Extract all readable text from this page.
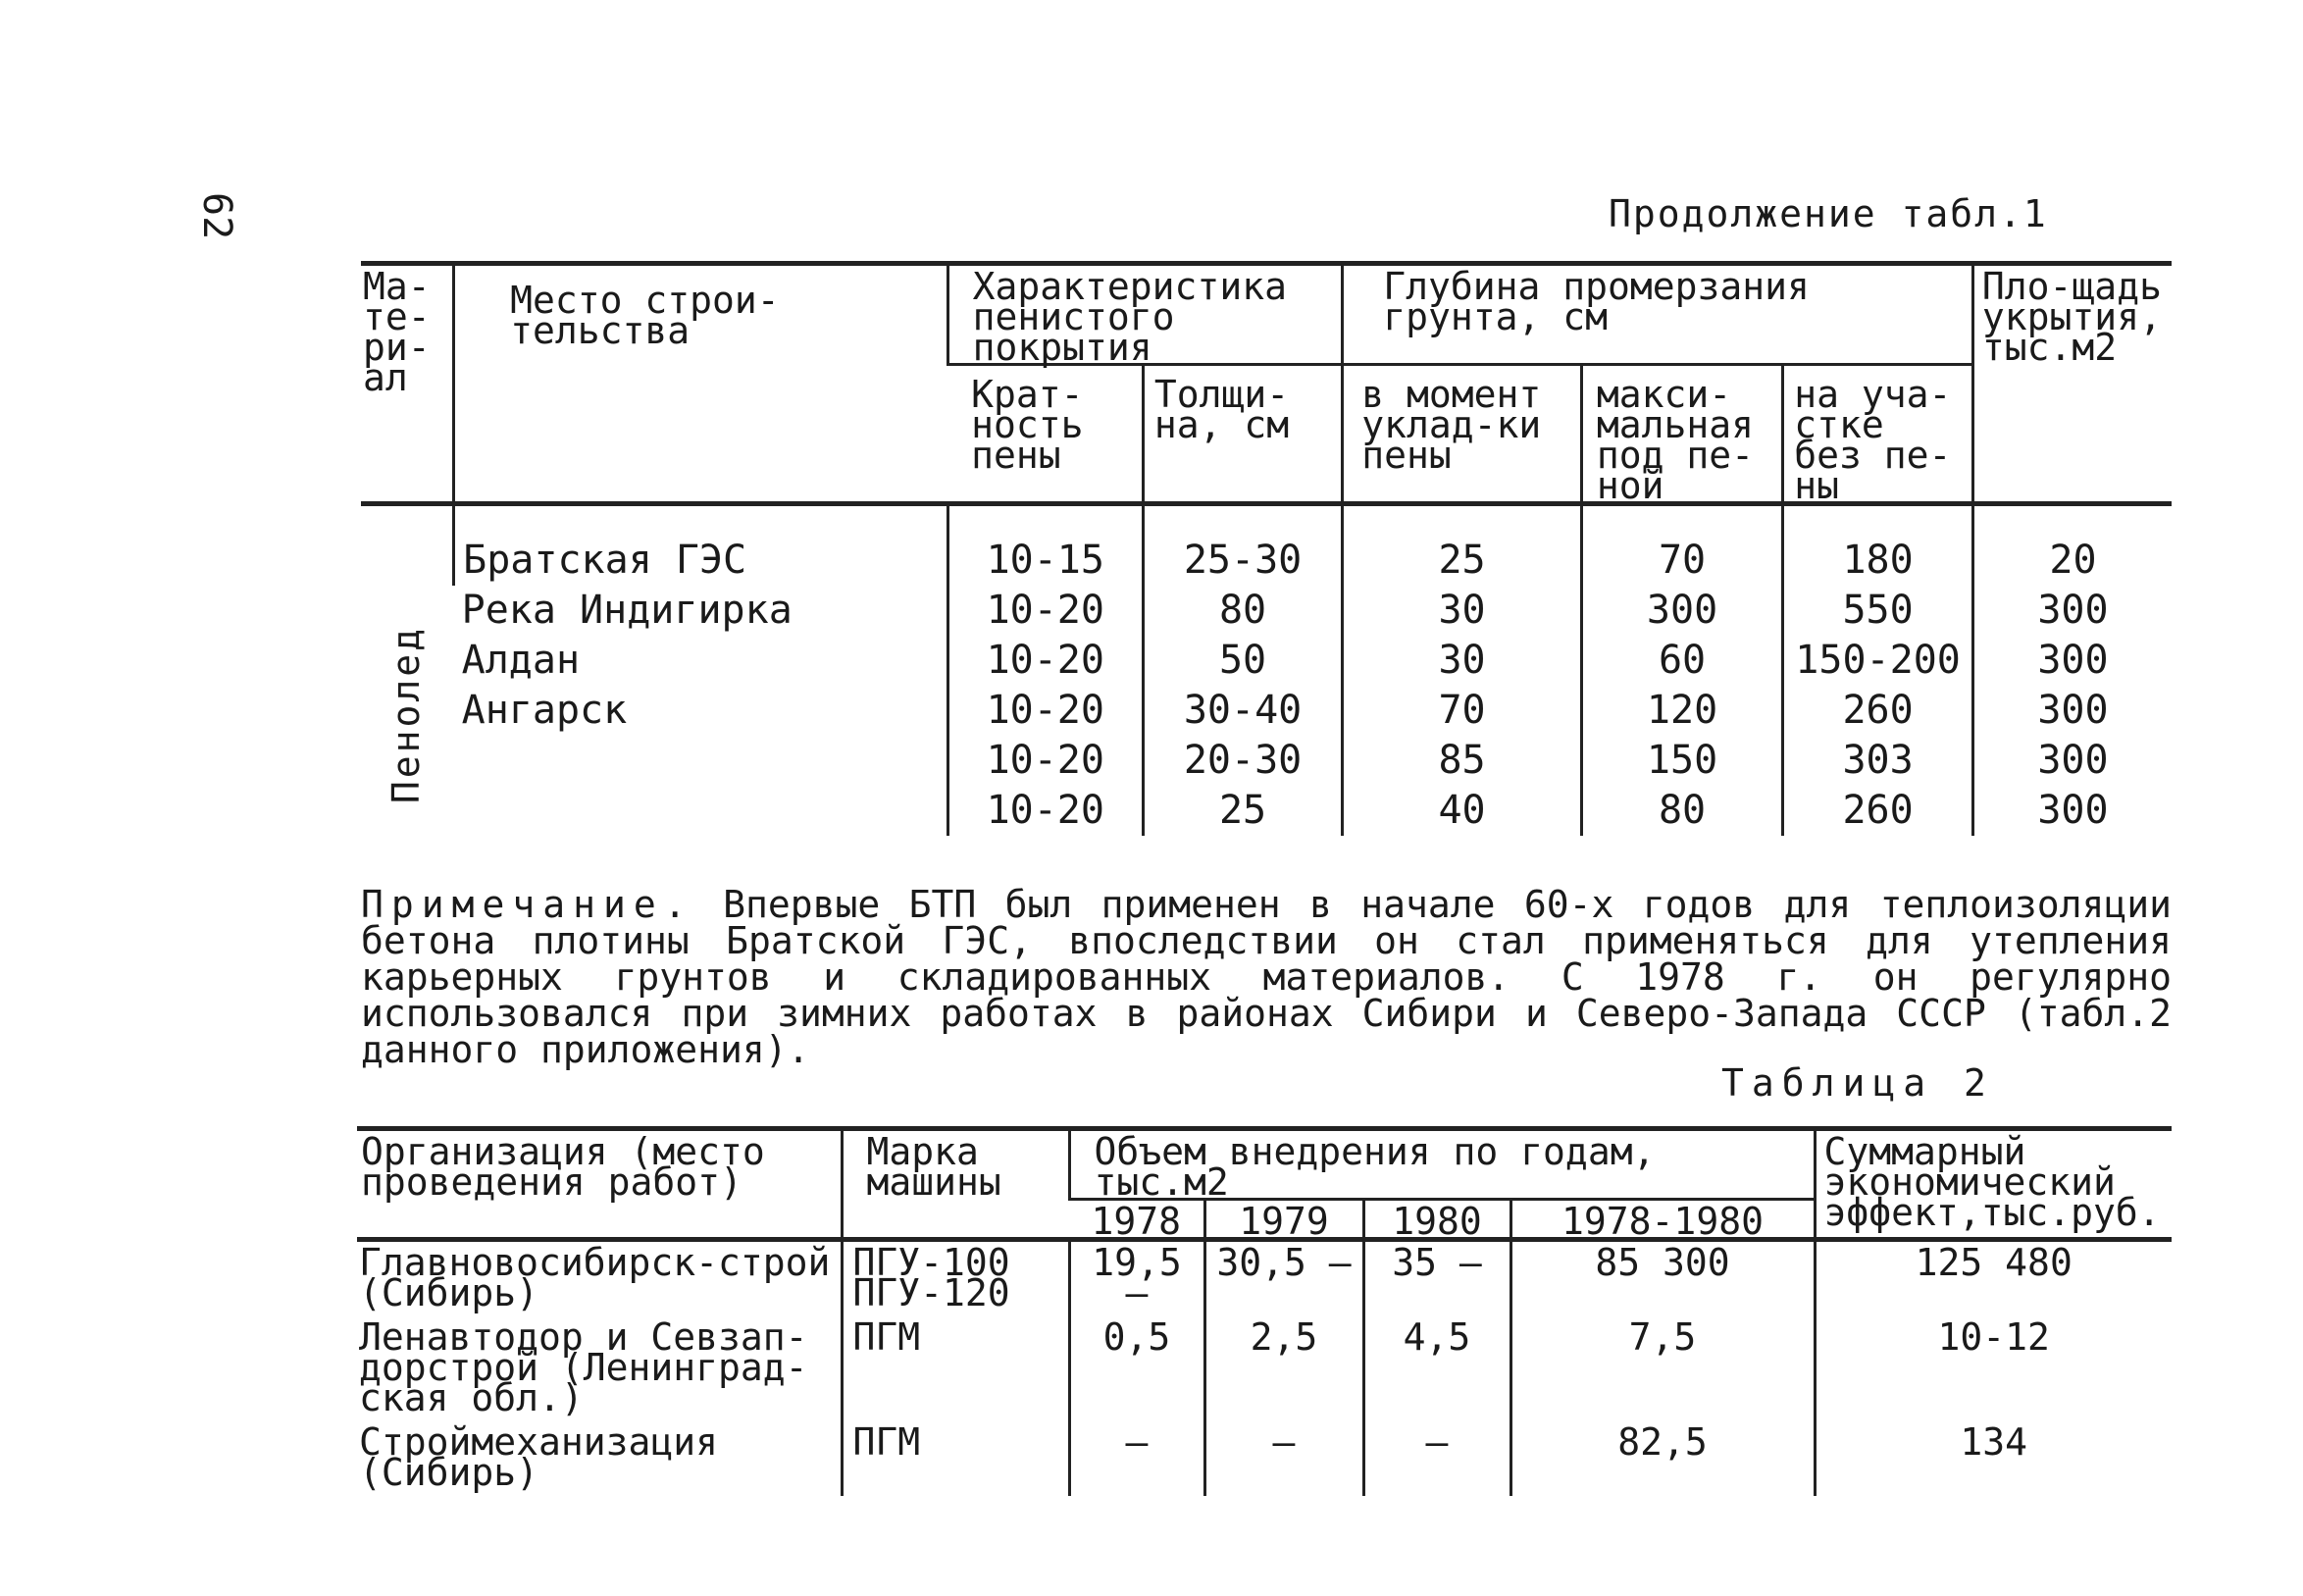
62	Продолжение табл.1
Ма-те-ри-ал	Место строи-тельства	Характеристика пенистого покрытия		Глубина промерзания грунта, см			Пло-щадь укрытия, тыс.м2
		Крат-ность пены	Толщи-на, см	в момент уклад-ки пены	макси-мальная под пе-ной	на уча-стке без пе-ны	
Пенолед	Братская ГЭС	10-15	25-30	25	70	180	20
	Река Индигирка	10-20	80	30	300	550	300
	Алдан	10-20	50	30	60	150-200	300
	Ангарск	10-20	30-40	70	120	260	300
		10-20	20-30	85	150	303	300
		10-20	25	40	80	260	300
Примечание. Впервые БТП был применен в начале 60-х годов для теплоизоляции бетона плотины Братской ГЭС, впоследствии он стал применяться для утепления карьерных грунтов и складированных материалов. С 1978 г. он регулярно использовался при зимних работах в районах Сибири и Северо-Запада СССР (табл.2 данного приложения).
Таблица 2
Организация (место проведения работ)	Марка машины	Объем внедрения по годам, тыс.м2				Суммарный экономический эффект,тыс.руб.
		1978	1979	1980	1978-1980	
Главновосибирск-строй (Сибирь)	ПГУ-100 ПГУ-120	19,5 –	30,5 –	35 –	85 300	125 480
Ленавтодор и Севзап-дорстрой (Ленинград-ская обл.)	ПГМ	0,5	2,5	4,5	7,5	10-12
Строймеханизация (Сибирь)	ПГМ	–	–	–	82,5	134
